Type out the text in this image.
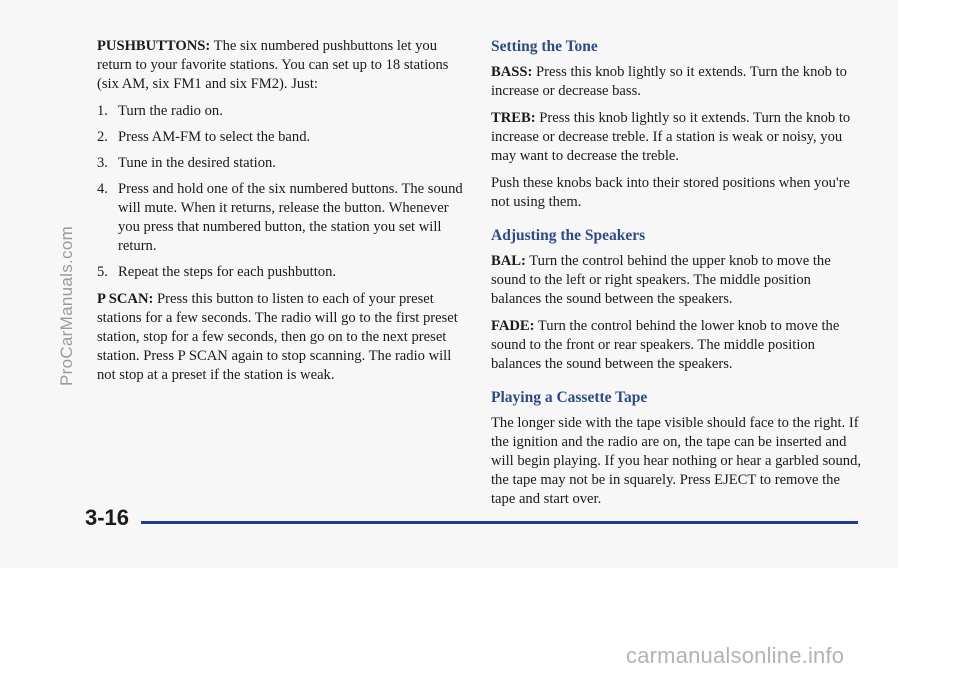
PUSHBUTTONS: The six numbered pushbuttons let you return to your favorite stations. You can set up to 18 stations (six AM, six FM1 and six FM2). Just:

1. Turn the radio on.
2. Press AM-FM to select the band.
3. Tune in the desired station.
4. Press and hold one of the six numbered buttons. The sound will mute. When it returns, release the button. Whenever you press that numbered button, the station you set will return.
5. Repeat the steps for each pushbutton.

P SCAN: Press this button to listen to each of your preset stations for a few seconds. The radio will go to the first preset station, stop for a few seconds, then go on to the next preset station. Press P SCAN again to stop scanning. The radio will not stop at a preset if the station is weak.

Setting the Tone

BASS: Press this knob lightly so it extends. Turn the knob to increase or decrease bass.

TREB: Press this knob lightly so it extends. Turn the knob to increase or decrease treble. If a station is weak or noisy, you may want to decrease the treble.

Push these knobs back into their stored positions when you're not using them.

Adjusting the Speakers

BAL: Turn the control behind the upper knob to move the sound to the left or right speakers. The middle position balances the sound between the speakers.

FADE: Turn the control behind the lower knob to move the sound to the front or rear speakers. The middle position balances the sound between the speakers.

Playing a Cassette Tape

The longer side with the tape visible should face to the right. If the ignition and the radio are on, the tape can be inserted and will begin playing. If you hear nothing or hear a garbled sound, the tape may not be in squarely. Press EJECT to remove the tape and start over.

3-16
ProCarManuals.com
carmanualsonline.info
